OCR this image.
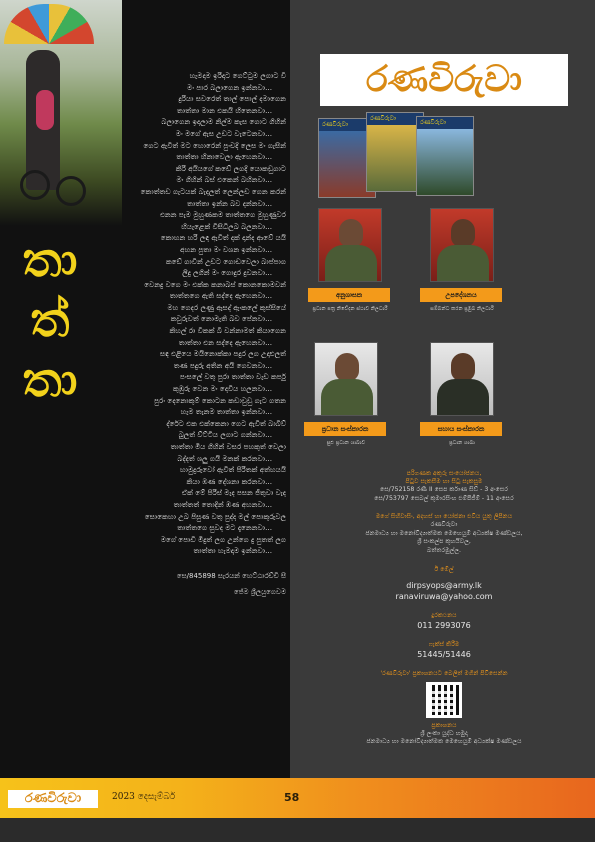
තා
ත්
තා
හැමදාම ඉරිදාට ගෙට්ටුම ලගාට වී
මං පාර බලාගෙන ඉන්නවා...
දුරියා සවරෙත් තාල් පොල් දමාගෙන
තාත්තා මාන එකයි හිතෙනවා...
බලාගෙන ඉදලාම නිල්ම කැස ගොට ගිහින්
මං මගේ ඇස උඩට වැටෙනවා...
ගෙට ඇවිත් මට හොරෙන් පුංචදි ලෙස මං ගැසින්
තාත්තා හිනාවෙලා ඇහෙනවා...
කිරි අයියගේ කඩේ ලගදි යොකඩුගාට
මං ගිහින් බස් එකෙන් බහිනවා...
කොත්තඩ ගැටයක් බැදලත් ලෙන්ලඩ ගෙන කරන්
තාත්තා ඉන්න බව දන්නවා...
එනන පැම මුහුණකම තාත්තගෙ මුහුණුවර
හියැළෙක් විසිධිලබ බලනවා...
කොහන හරි ලඳ ඇවිත් දක් දාන්ද ආවේ යයි
අහන පුතා මං වශන ඉන්නවා...
කඩේ ගාවින් උඩට ගොඩවෙලා බාප්පාග
ලිදු ලගින් මං ගොදුර දුවනවා...
වෙනදු වගෙ මං එක්ක කනාබස් කොනකොමවන්
තාත්තගෙ ඇති සද්දෙ ඇහෙනවා...
මහ ගෙදර ලණු ඇසද් ඇංකලේ කුස්සියේ
කවුරුවත් නොමැති බව පේනවා...
කිහල් රා වීකක් බී වන්නාමත් කියාගෙන
තාත්තා එන සද්දෙ ඇහෙනවා...
සඳ එළියෙ මයිනොක්කා පදුර ලග උදාළුලත්
තණ පදුරු අතින අයි ගෙවනවා...
පංසලේ වතු පුරා තාත්තා වැඩ කර්පු
කුඹුරු වෙන මං දෙවිය හලනවා...
පුරං දෙනොකුම් කොටන කඩාවුඩු ගැට ගතන
හැම තැනම තාත්තා ඉන්නවා...
ද්රේට එක එක්කෙනා ගෙට ඇවිත් බාබිව්
බුලත් ව්ට්ටිය ලගාට ගන්නවා...
තාත්තා මිය ගිහින් වසර පහකුත් වෙලා
බද්දත් ශලු ගයි මනක් කරනවා...
හාමුදුරුවෝ ඇවිත් පිරිතක් අත්හයයි
කියා ඹණ දේශනා කරනවා...
ඒක් මේ පිරිස් මැද පසන ජිතුවා වැද
තාත්තත් තොදින් ඹණ අහනවා...
සොකෙහා උබ පිසුණ වතු පුද්ද මල් පොකුරුවල
තාත්තගෙ සුවද මට දැනෙනවා...
මගේ පොඩි මිදුත් ලග උන්ගෙ දු පුතත් ලග
තාත්තා හැමදාම ඉන්නවා...
සෙ/845898 සැරයන් හෙට්ඨාරච්චි සී
ජේම ශ්‍රීලයුගෙවම
රණවිරුවා
රණවිරුවා
රණවිරුවා
රණවිරුවා
අනුශාසක
ප්‍රධාන පත්‍ර නිවේදන ස්ථාව නිලධාරී
උපදේශනය
සම්බන්ධ කරන ප්‍රමුඛ නිලධාරී
ප්‍රධාන සංස්කාරක
සුළු ප්‍රධාන ශාඛාව
සහාය සංස්කාරක
ප්‍රධාන ශාඛා
පරිගණක අකුරු සංයෝජනය,
පිටුව සැකසීම හා සිටු සැකසුම
සෙ/752158 රණී II සෙප ර්කාණ සිඩ් - 3 අංසෙර
සෙ/753797 සෙබල් කුමාරසිංහ එම්පීජීම් - 11 අංසෙර
මගේ සිහිවාසිං, අදහස් හා යෝජනා එවිය යුතු ලිපිනය
රණවිරුවා
ජනමාධ්‍ය හා මනෝවිද්‍යාත්මක මෙහෙයුම් අධ්‍යක්ෂ මණ්ඩලය,
ශ්‍රී සංකල්ප කුහයිවල,
බත්තරමුල්ල.
ඊ මේල්
dirpsyops@army.lk
ranaviruwa@yahoo.com
දුරකථනය
011 2993076
ෆැක්ස් කිරීම
51445/51446
'රණවිරුවා' ප්‍රකාශනයට බෙලිත් මගින් පිවිසෙන්න
ප්‍රකාශනය
ශ්‍රී ලංකා යුද්ධ හමුදා
ජනමාධ්‍ය හා මනෝවිද්‍යාත්මක මෙහෙයුම් අධ්‍යක්ෂ මණ්ඩලය
රණවිරුවා	2023 දෙසැම්බර්	58
